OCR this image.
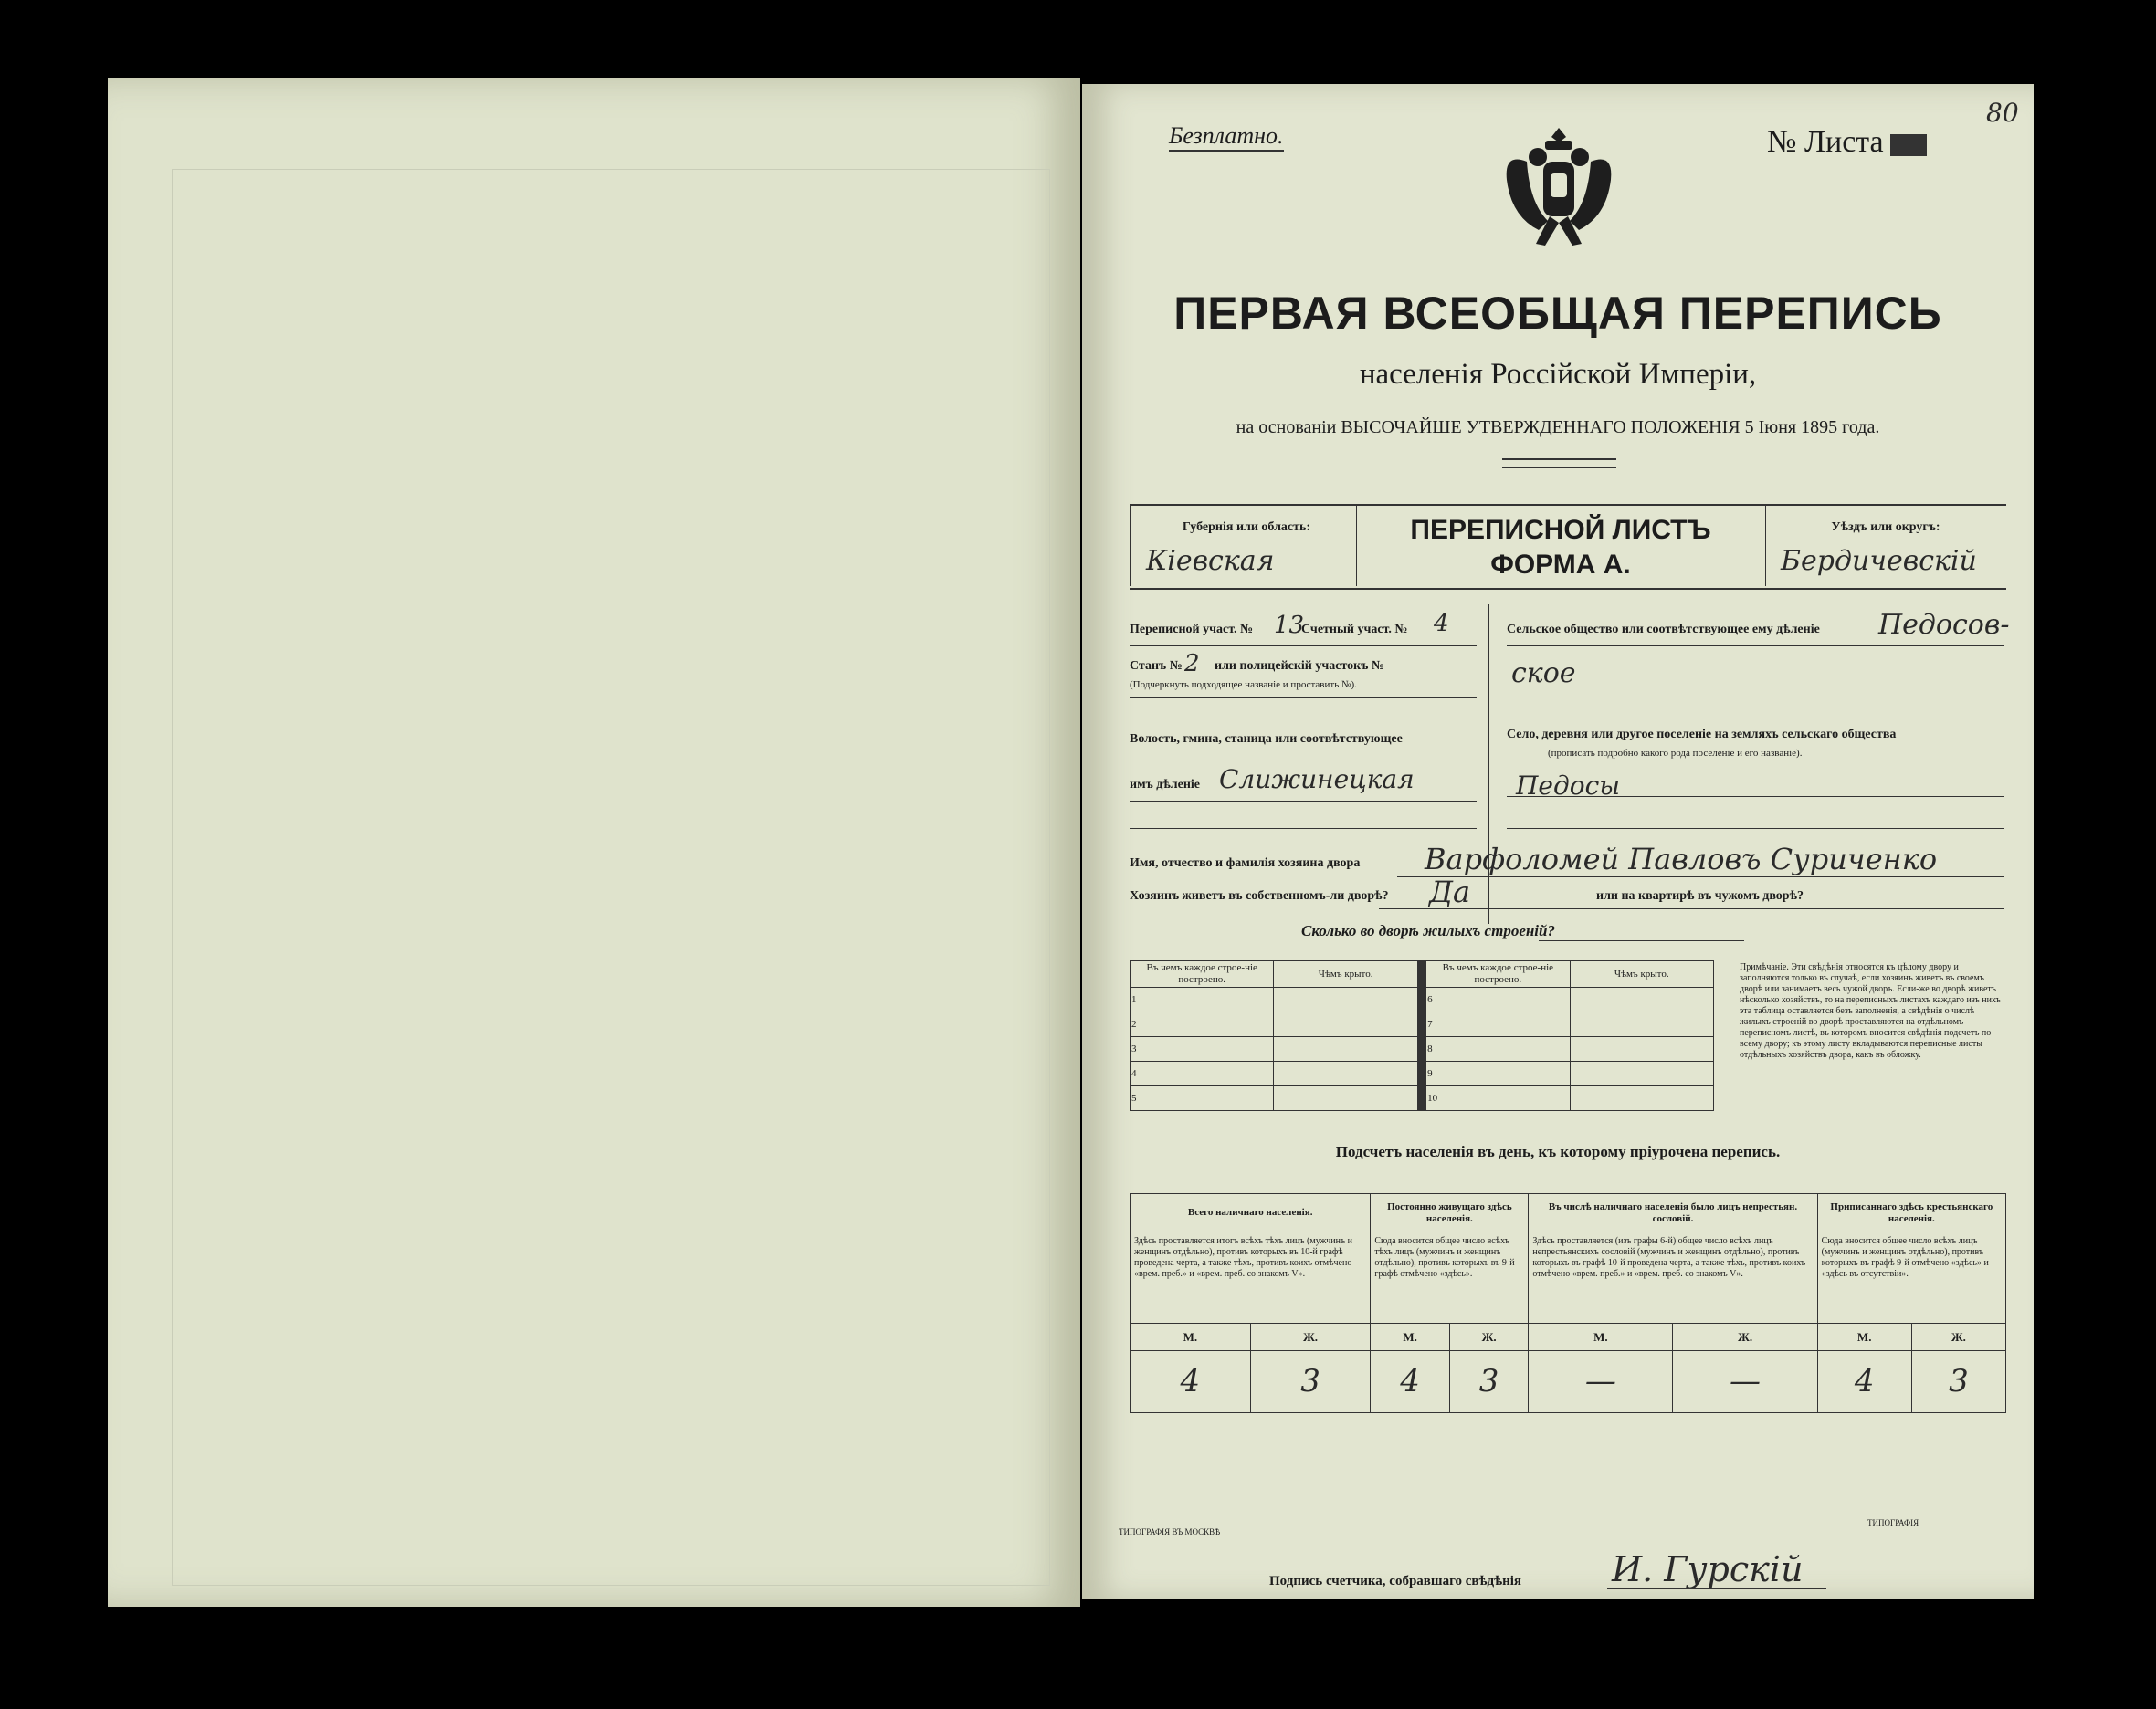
Безплатно.	№ Листа
80
ПЕРВАЯ ВСЕОБЩАЯ ПЕРЕПИСЬ
населенія Россійской Имперіи,
на основаніи ВЫСОЧАЙШЕ УТВЕРЖДЕННАГО ПОЛОЖЕНІЯ 5 Іюня 1895 года.
Губернія или область:
Кіевская
ПЕРЕПИСНОЙ ЛИСТЪ
ФОРМА А.
Уѣздъ или округъ:
Бердичевскій
Переписной участ. № 13
Счетный участ. № 4
Станъ № 2 или полицейскій участокъ №
(Подчеркнуть подходящее названіе и проставить №).
Волость, гмина, станица или соотвѣтствующее
имъ дѣленіе Слижинецкая
Сельское общество или соотвѣтствующее ему дѣленіе Педосов-
ское
Село, деревня или другое поселеніе на земляхъ сельскаго общества
(прописать подробно какого рода поселеніе и его названіе).
Педосы
Имя, отчество и фамилія хозяина двора Варфоломей Павловъ Суриченко
Хозяинъ живетъ въ собственномъ-ли дворѣ? Да	или на квартирѣ въ чужомъ дворѣ?
Сколько во дворѣ жилыхъ строеній?
Въ чемъ каждое строе-ніе построено.	Чѣмъ крыто.		Въ чемъ каждое строе-ніе построено.	Чѣмъ крыто.
1			6	
2			7	
3			8	
4			9	
5			10	
Примѣчаніе. Эти свѣдѣнія относятся къ цѣлому двору и заполняются только въ случаѣ, если хозяинъ живетъ въ своемъ дворѣ или занимаетъ весь чужой дворъ. Если-же во дворѣ живетъ нѣсколько хозяйствъ, то на переписныхъ листахъ каждаго изъ нихъ эта таблица оставляется безъ заполненія, а свѣдѣнія о числѣ жилыхъ строеній во дворѣ проставляются на отдѣльномъ переписномъ листѣ, въ которомъ вносится свѣдѣнія подсчетъ по всему двору; къ этому листу вкладываются переписные листы отдѣльныхъ хозяйствъ двора, какъ въ обложку.
Подсчетъ населенія въ день, къ которому пріурочена перепись.
Всего наличнаго населенія.		Постоянно живущаго здѣсь населенія.		Въ числѣ наличнаго населенія было лицъ непрестьян. сословій.		Приписаннаго здѣсь крестьянскаго населенія.	
Здѣсь проставляется итогъ всѣхъ тѣхъ лицъ (мужчинъ и женщинъ отдѣльно), противъ которыхъ въ 10-й графѣ проведена черта, а также тѣхъ, противъ коихъ отмѣчено «врем. преб.» и «врем. преб. со знакомъ V».		Сюда вносится общее число всѣхъ тѣхъ лицъ (мужчинъ и женщинъ отдѣльно), противъ которыхъ въ 9-й графѣ отмѣчено «здѣсь».		Здѣсь проставляется (изъ графы 6-й) общее число всѣхъ лицъ непрестьянскихъ сословій (мужчинъ и женщинъ отдѣльно), противъ которыхъ въ графѣ 10-й проведена черта, а также тѣхъ, противъ коихъ отмѣчено «врем. преб.» и «врем. преб. со знакомъ V».		Сюда вносится общее число всѣхъ лицъ (мужчинъ и женщинъ отдѣльно), противъ которыхъ въ графѣ 9-й отмѣчено «здѣсь» и «здѣсь въ отсутствіи».	
М.	Ж.	М.	Ж.	М.	Ж.	М.	Ж.
4	3	4	3	—	—	4	3
Подпись счетчика, собравшаго свѣдѣнія	И. Гурскій
ТИПОГРАФІЯ ВЪ МОСКВѢ
ТИПОГРАФІЯ
